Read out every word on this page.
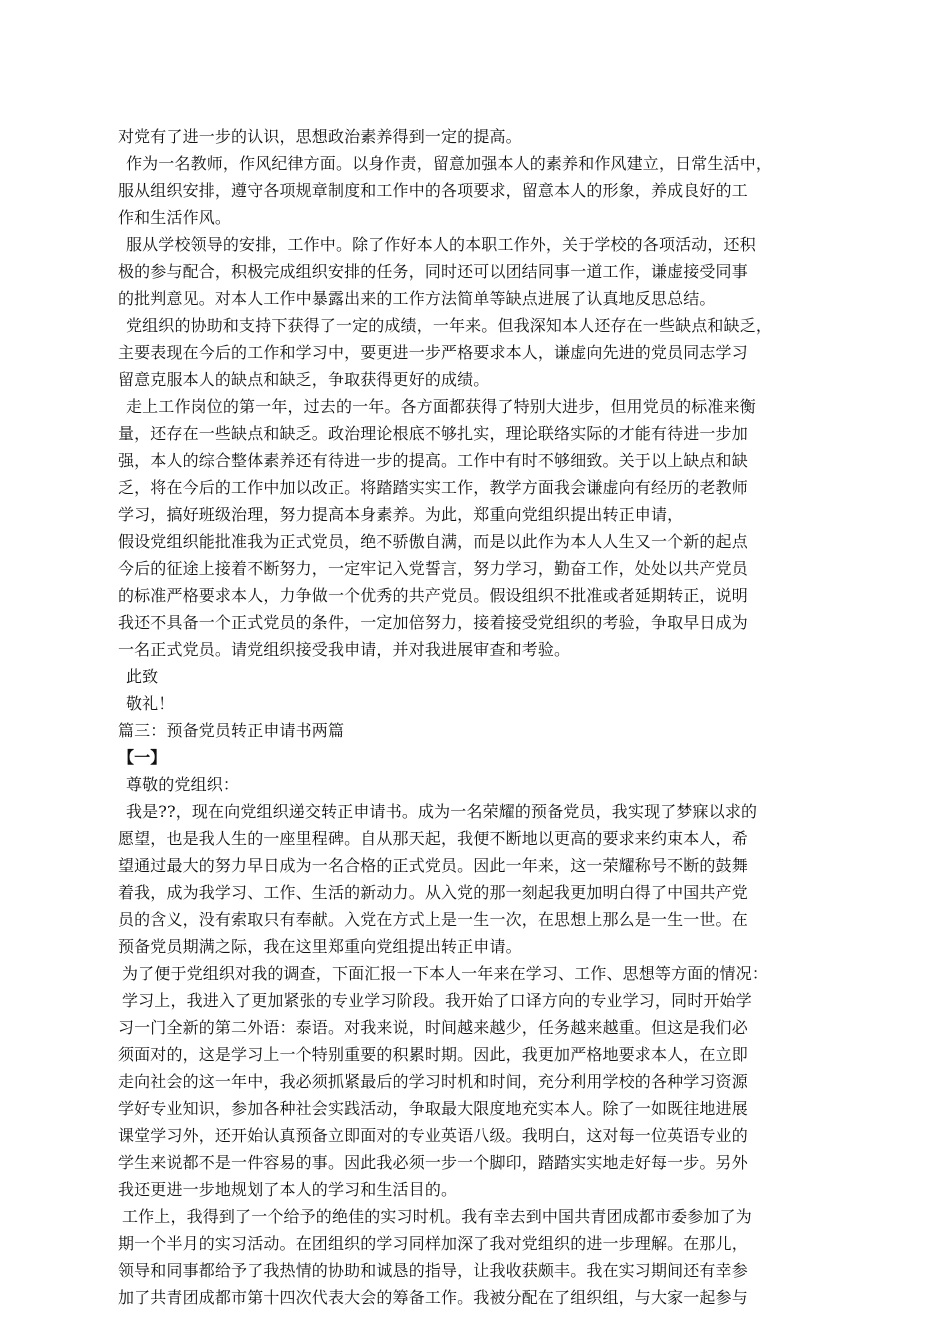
对党有了进一步的认识，思想政治素养得到一定的提高。
作为一名教师，作风纪律方面。以身作责，留意加强本人的素养和作风建立，日常生活中，
服从组织安排，遵守各项规章制度和工作中的各项要求，留意本人的形象，养成良好的工
作和生活作风。
服从学校领导的安排，工作中。除了作好本人的本职工作外，关于学校的各项活动，还积
极的参与配合，积极完成组织安排的任务，同时还可以团结同事一道工作，谦虚接受同事
的批判意见。对本人工作中暴露出来的工作方法简单等缺点进展了认真地反思总结。
党组织的协助和支持下获得了一定的成绩，一年来。但我深知本人还存在一些缺点和缺乏，
主要表现在今后的工作和学习中，要更进一步严格要求本人，谦虚向先进的党员同志学习
留意克服本人的缺点和缺乏，争取获得更好的成绩。
走上工作岗位的第一年，过去的一年。各方面都获得了特别大进步，但用党员的标准来衡
量，还存在一些缺点和缺乏。政治理论根底不够扎实，理论联络实际的才能有待进一步加
强，本人的综合整体素养还有待进一步的提高。工作中有时不够细致。关于以上缺点和缺
乏，将在今后的工作中加以改正。将踏踏实实工作，教学方面我会谦虚向有经历的老教师
学习，搞好班级治理，努力提高本身素养。为此，郑重向党组织提出转正申请，
假设党组织能批准我为正式党员，绝不骄傲自满，而是以此作为本人人生又一个新的起点
今后的征途上接着不断努力，一定牢记入党誓言，努力学习，勤奋工作，处处以共产党员
的标准严格要求本人，力争做一个优秀的共产党员。假设组织不批准或者延期转正，说明
我还不具备一个正式党员的条件，一定加倍努力，接着接受党组织的考验，争取早日成为
一名正式党员。请党组织接受我申请，并对我进展审查和考验。
此致
敬礼！
篇三：预备党员转正申请书两篇
【一】
尊敬的党组织：
我是??，现在向党组织递交转正申请书。成为一名荣耀的预备党员，我实现了梦寐以求的
愿望，也是我人生的一座里程碑。自从那天起，我便不断地以更高的要求来约束本人，希
望通过最大的努力早日成为一名合格的正式党员。因此一年来，这一荣耀称号不断的鼓舞
着我，成为我学习、工作、生活的新动力。从入党的那一刻起我更加明白得了中国共产党
员的含义，没有索取只有奉献。入党在方式上是一生一次，在思想上那么是一生一世。在
预备党员期满之际，我在这里郑重向党组提出转正申请。
为了便于党组织对我的调查，下面汇报一下本人一年来在学习、工作、思想等方面的情况：
学习上，我进入了更加紧张的专业学习阶段。我开始了口译方向的专业学习，同时开始学
习一门全新的第二外语：泰语。对我来说，时间越来越少，任务越来越重。但这是我们必
须面对的，这是学习上一个特别重要的积累时期。因此，我更加严格地要求本人，在立即
走向社会的这一年中，我必须抓紧最后的学习时机和时间，充分利用学校的各种学习资源
学好专业知识，参加各种社会实践活动，争取最大限度地充实本人。除了一如既往地进展
课堂学习外，还开始认真预备立即面对的专业英语八级。我明白，这对每一位英语专业的
学生来说都不是一件容易的事。因此我必须一步一个脚印，踏踏实实地走好每一步。另外
我还更进一步地规划了本人的学习和生活目的。
工作上，我得到了一个给予的绝佳的实习时机。我有幸去到中国共青团成都市委参加了为
期一个半月的实习活动。在团组织的学习同样加深了我对党组织的进一步理解。在那儿，
领导和同事都给予了我热情的协助和诚恳的指导，让我收获颇丰。我在实习期间还有幸参
加了共青团成都市第十四次代表大会的筹备工作。我被分配在了组织组，与大家一起参与
